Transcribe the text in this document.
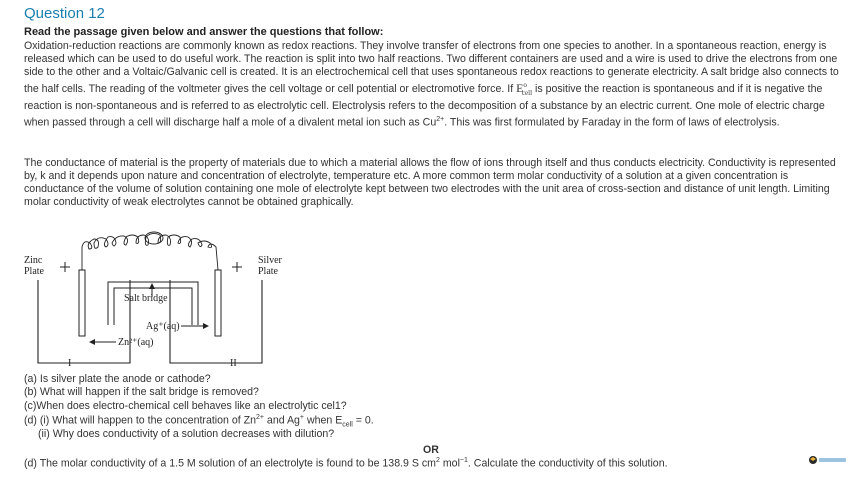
Question 12
Read the passage given below and answer the questions that follow:

Oxidation-reduction reactions are commonly known as redox reactions. They involve transfer of electrons from one species to another. In a spontaneous reaction, energy is released which can be used to do useful work. The reaction is split into two half reactions. Two different containers are used and a wire is used to drive the electrons from one side to the other and a Voltaic/Galvanic cell is created. It is an electrochemical cell that uses spontaneous redox reactions to generate electricity. A salt bridge also connects to the half cells. The reading of the voltmeter gives the cell voltage or cell potential or electromotive force. If $E^o_{cell}$ is positive the reaction is spontaneous and if it is negative the reaction is non-spontaneous and is referred to as electrolytic cell. Electrolysis refers to the decomposition of a substance by an electric current. One mole of electric charge when passed through a cell will discharge half a mole of a divalent metal ion such as $Cu^{2+}$. This was first formulated by Faraday in the form of laws of electrolysis.

The conductance of material is the property of materials due to which a material allows the flow of ions through itself and thus conducts electricity. Conductivity is represented by, k and it depends upon nature and concentration of electrolyte, temperature etc. A more common term molar conductivity of a solution at a given concentration is conductance of the volume of solution containing one mole of electrolyte kept between two electrodes with the unit area of cross-section and distance of unit length. Limiting molar conductivity of weak electrolytes cannot be obtained graphically.

Zinc
Plate
Silver
Plate
Salt bridge
Ag⁺(aq)
Zn²⁺(aq)
I	II
(a) Is silver plate the anode or cathode?
(b) What will happen if the salt bridge is removed?
(c)When does electro-chemical cell behaves like an electrolytic cel1?
(d) (i) What will happen to the concentration of $Zn^{2+}$ and Ag+ when $E_{cell} = 0$.
(ii) Why does conductivity of a solution decreases with dilution?
OR
(d) The molar conductivity of a 1.5 M solution of an electrolyte is found to be 138.9 S $cm^2$ mol$^{-1}$. Calculate the conductivity of this solution.
